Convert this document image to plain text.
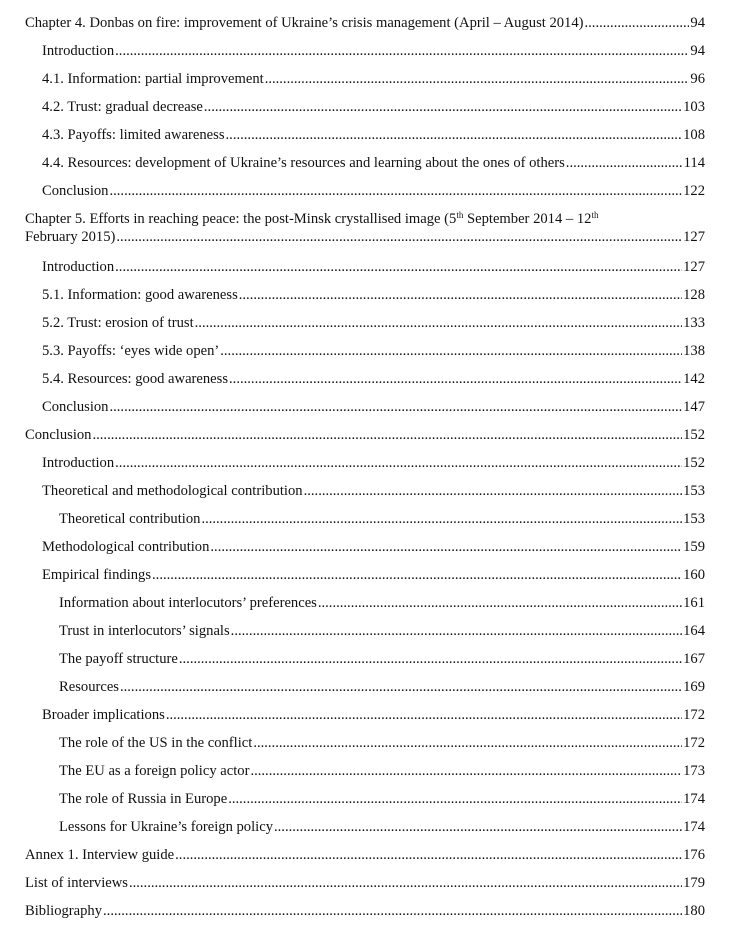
Chapter 4. Donbas on fire: improvement of Ukraine’s crisis management (April – August 2014) .....	94
Introduction .....	94
4.1. Information: partial improvement .....	96
4.2. Trust: gradual decrease .....	103
4.3. Payoffs: limited awareness .....	108
4.4. Resources: development of Ukraine’s resources and learning about the ones of others .....	114
Conclusion .....	122
Chapter 5. Efforts in reaching peace: the post-Minsk crystallised image (5th September 2014 – 12th
February 2015) .....	127
Introduction .....	127
5.1. Information: good awareness .....	128
5.2. Trust: erosion of trust .....	133
5.3. Payoffs: ‘eyes wide open’ .....	138
5.4. Resources: good awareness .....	142
Conclusion .....	147
Conclusion .....	152
Introduction .....	152
Theoretical and methodological contribution .....	153
Theoretical contribution .....	153
Methodological contribution .....	159
Empirical findings .....	160
Information about interlocutors’ preferences .....	161
Trust in interlocutors’ signals .....	164
The payoff structure .....	167
Resources .....	169
Broader implications .....	172
The role of the US in the conflict .....	172
The EU as a foreign policy actor .....	173
The role of Russia in Europe .....	174
Lessons for Ukraine’s foreign policy .....	174
Annex 1. Interview guide .....	176
List of interviews .....	179
Bibliography .....	180
